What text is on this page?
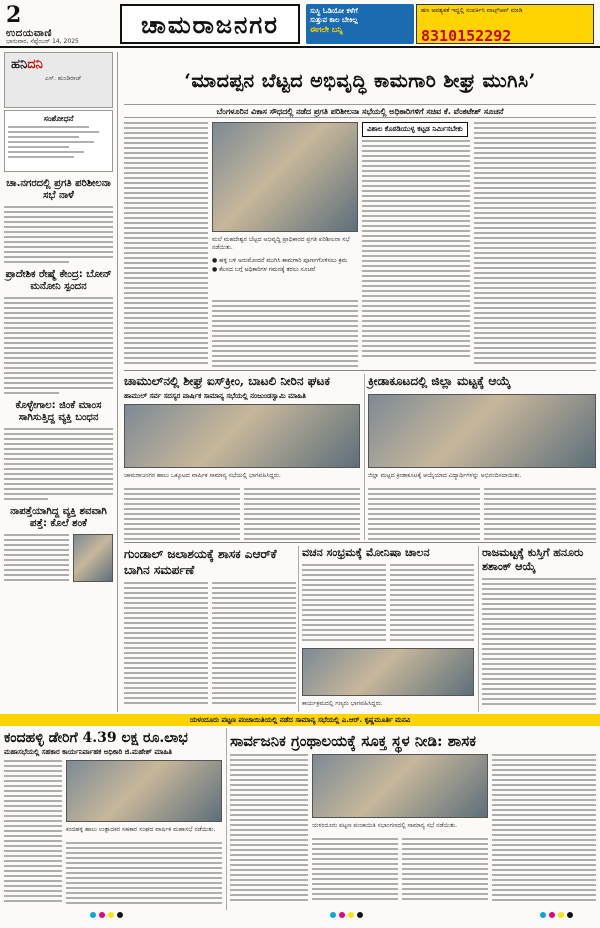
2
ಉದಯವಾಣಿ
ಭಾನುವಾರ, ಸೆಪ್ಟೆಂಬರ್ 14, 2025
ಚಾಮರಾಜನಗರ	ಸುಸ್ಥಿ ಓಡಿಯೋ ಕಳೆಗೆ
ಸುತ್ತುವ ಕಾಲ ಬೇಕಿಲ್ಲ
ಈಗಲೇ ಬನ್ನಿ
ಹಣ ಅವಶ್ಯಕತೆ ಇದ್ದಲ್ಲಿ ಸಂಪರ್ಕಿಸಿ ವಾಟ್ಸ್‌ಆಪ್ ಮಾಡಿ
8310152292
ಹನಿದನಿ
ಎಸ್. ಹುಂಡಿರಾಜ್
ಸಂಶೋಧನೆ
ಚಾ.ನಗರದಲ್ಲಿ ಪ್ರಗತಿ ಪರಿಶೀಲನಾ ಸಭೆ ನಾಳೆ
ಪ್ರಾದೇಶಿಕ ರೇಷ್ಮೆ ಕೇಂದ್ರ: ಬೋನ್ ಮನೋನಿ ಸ್ಪಂದನ
ಕೊಳ್ಳೇಗಾಲ: ಜಿಂಕೆ ಮಾಂಸ ಸಾಗಿಸುತ್ತಿದ್ದ ವ್ಯಕ್ತಿ ಬಂಧನ
ನಾಪತ್ತೆಯಾಗಿದ್ದ ವ್ಯಕ್ತಿ ಶವವಾಗಿ ಪತ್ತೆ: ಕೊಲೆ ಶಂಕೆ
‘ಮಾದಪ್ಪನ ಬೆಟ್ಟದ ಅಭಿವೃದ್ಧಿ ಕಾಮಗಾರಿ ಶೀಘ್ರ ಮುಗಿಸಿ’
ಬೆಂಗಳೂರಿನ ವಿಕಾಸ ಸೌಧದಲ್ಲಿ ನಡೆದ ಪ್ರಗತಿ ಪರಿಶೀಲನಾ ಸಭೆಯಲ್ಲಿ ಅಧಿಕಾರಿಗಳಿಗೆ ಸಚಿವ ಕೆ. ವೆಂಕಟೇಶ್ ಸೂಚನೆ
ಮಲೆ ಮಹದೇಶ್ವರ ಬೆಟ್ಟದ ಅಭಿವೃದ್ಧಿ ಪ್ರಾಧಿಕಾರದ ಪ್ರಗತಿ ಪರಿಶೀಲನಾ ಸಭೆ ನಡೆಯಿತು.
● ಹಳ್ಳಿ ಬಳಿ ಅನುಮೋದನೆ ಮುಗಿಸಿ ಕಾಮಗಾರಿ ಪೂರ್ಣಗೊಳಿಸಲು ಕ್ರಮ
● ಕೆಲಸದ ಬಗ್ಗೆ ಅಧಿಕಾರಿಗಳ ಗಮನಕ್ಕೆ ತರಲು ಸೂಚನೆ
ವಿಶಾಲ ಕೊಠಡಿಯುಳ್ಳ ಕಟ್ಟಡ ನಿರ್ಮಿಸಬೇಕು
ಚಾಮುಲ್‌ನಲ್ಲಿ ಶೀಘ್ರ ಐಸ್‌ಕ್ರೀಂ, ಬಾಟಲಿ ನೀರಿನ ಘಟಕ
ಹಾಮುಲ್ ಸರ್ವ ಸದಸ್ಯರ ವಾರ್ಷಿಕ ಸಾಮಾನ್ಯ ಸಭೆಯಲ್ಲಿ ನಂಜುಂಡಸ್ವಾಮಿ ಮಾಹಿತಿ
ಚಾಮರಾಜನಗರ ಹಾಲು ಒಕ್ಕೂಟದ ವಾರ್ಷಿಕ ಸಾಮಾನ್ಯ ಸಭೆಯಲ್ಲಿ ಭಾಗವಹಿಸಿದ್ದರು.
ಕ್ರೀಡಾಕೂಟದಲ್ಲಿ ಜಿಲ್ಲಾ ಮಟ್ಟಕ್ಕೆ ಆಯ್ಕೆ
ಜಿಲ್ಲಾ ಮಟ್ಟದ ಕ್ರೀಡಾಕೂಟಕ್ಕೆ ಆಯ್ಕೆಯಾದ ವಿದ್ಯಾರ್ಥಿಗಳನ್ನು ಅಭಿನಂದಿಸಲಾಯಿತು.
ಗುಂಡಾಲ್ ಜಲಾಶಯಕ್ಕೆ ಶಾಸಕ ಎಆರ್‌ಕೆ ಬಾಗಿನ ಸಮರ್ಪಣೆ
ವಚನ ಸಂಭ್ರಮಕ್ಕೆ ಮೋನಿಷಾ ಚಾಲನ
ಕಾರ್ಯಕ್ರಮದಲ್ಲಿ ಗಣ್ಯರು ಭಾಗವಹಿಸಿದ್ದರು.
ರಾಜಮಟ್ಟಕ್ಕೆ ಕುಸ್ತಿಗೆ ಹನೂರು ಶಶಾಂಕ್ ಆಯ್ಕೆ
ಯಳಂದೂರು ಪಟ್ಟಣ ಪಂಚಾಯಿತಿಯಲ್ಲಿ ನಡೆದ ಸಾಮಾನ್ಯ ಸಭೆಯಲ್ಲಿ ಎ.ಆರ್. ಕೃಷ್ಣಮೂರ್ತಿ ಮನವಿ
ಕಂದಹಳ್ಳಿ ಡೇರಿಗೆ 4.39 ಲಕ್ಷ ರೂ.ಲಾಭ
ಮಹಾಸಭೆಯಲ್ಲಿ ಸಹಕಾರ ಕಾರ್ಯನಿರ್ವಾಹಕ ಅಧಿಕಾರಿ ಜಿ.ಮಹೇಶ್ ಮಾಹಿತಿ
ಕಂದಹಳ್ಳಿ ಹಾಲು ಉತ್ಪಾದಕರ ಸಹಕಾರ ಸಂಘದ ವಾರ್ಷಿಕ ಮಹಾಸಭೆ ನಡೆಯಿತು.
ಸಾರ್ವಜನಿಕ ಗ್ರಂಥಾಲಯಕ್ಕೆ ಸೂಕ್ತ ಸ್ಥಳ ನೀಡಿ: ಶಾಸಕ
ಯಳಂದೂರು ಪಟ್ಟಣ ಪಂಚಾಯಿತಿ ಸಭಾಂಗಣದಲ್ಲಿ ಸಾಮಾನ್ಯ ಸಭೆ ನಡೆಯಿತು.
